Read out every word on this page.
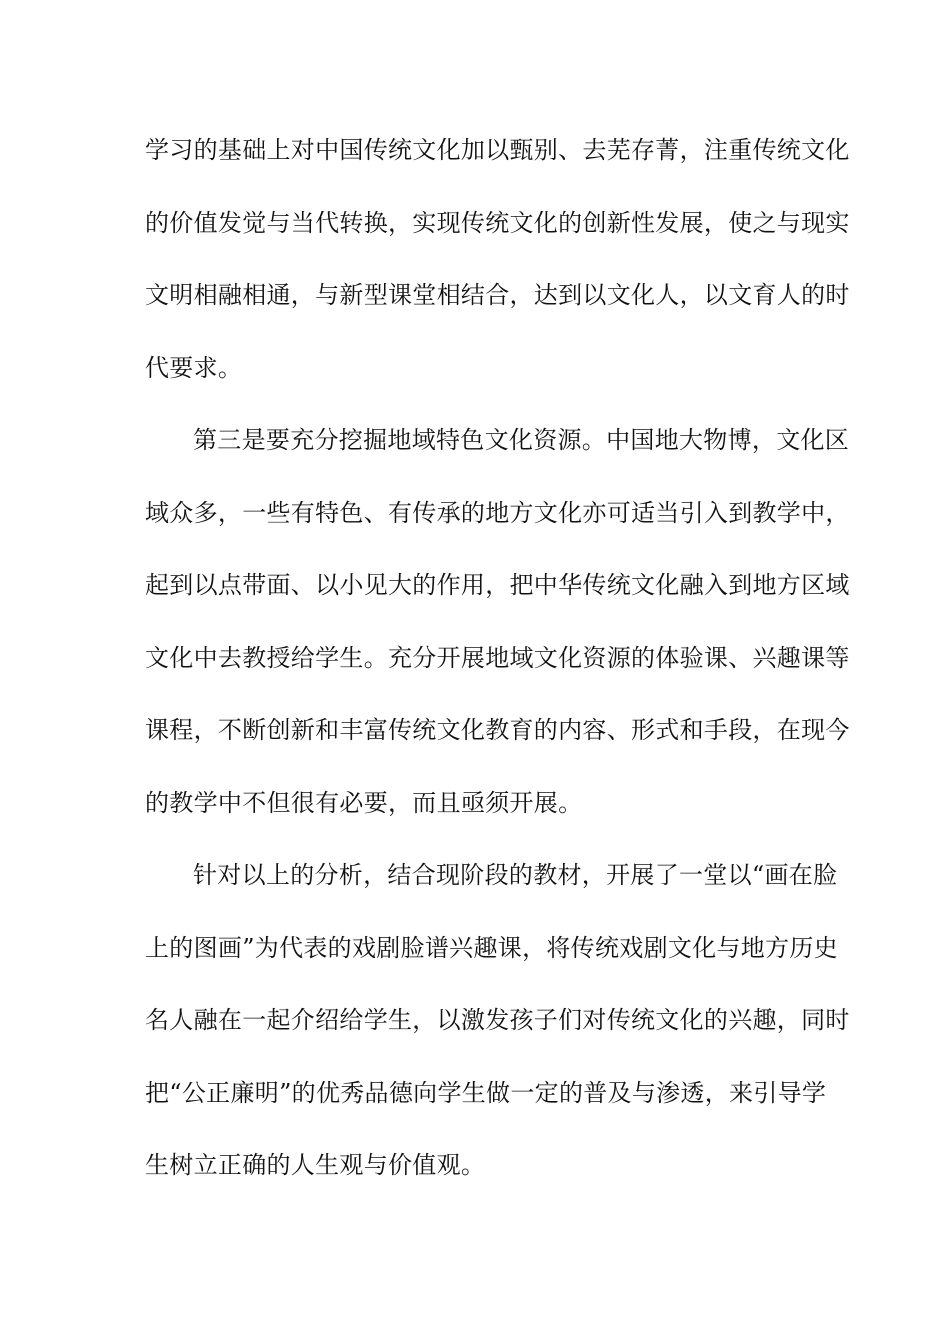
学习的基础上对中国传统文化加以甄别、去芜存菁，注重传统文化
的价值发觉与当代转换，实现传统文化的创新性发展，使之与现实
文明相融相通，与新型课堂相结合，达到以文化人，以文育人的时
代要求。
第三是要充分挖掘地域特色文化资源。中国地大物博，文化区
域众多，一些有特色、有传承的地方文化亦可适当引入到教学中，
起到以点带面、以小见大的作用，把中华传统文化融入到地方区域
文化中去教授给学生。充分开展地域文化资源的体验课、兴趣课等
课程，不断创新和丰富传统文化教育的内容、形式和手段，在现今
的教学中不但很有必要，而且亟须开展。
针对以上的分析，结合现阶段的教材，开展了一堂以“画在脸
上的图画”为代表的戏剧脸谱兴趣课，将传统戏剧文化与地方历史
名人融在一起介绍给学生，以激发孩子们对传统文化的兴趣，同时
把“公正廉明”的优秀品德向学生做一定的普及与渗透，来引导学
生树立正确的人生观与价值观。
